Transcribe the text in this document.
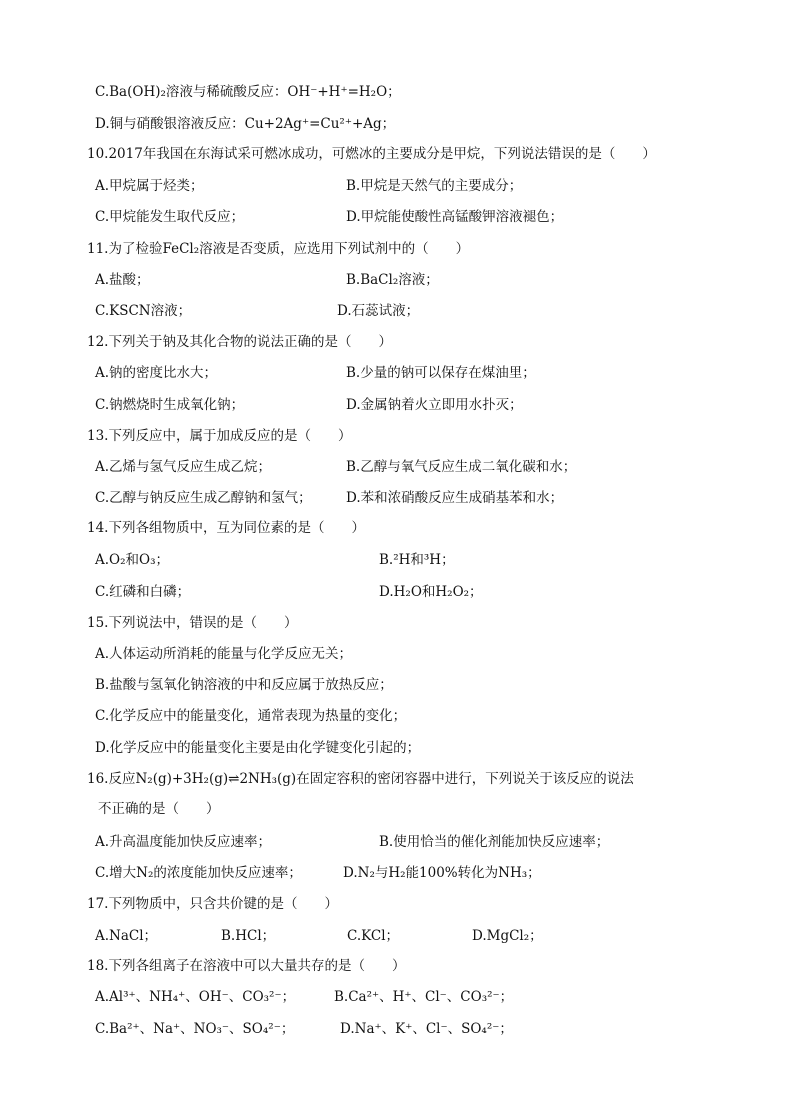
C.Ba(OH)₂溶液与稀硫酸反应：OH⁻+H⁺=H₂O；
D.铜与硝酸银溶液反应：Cu+2Ag⁺=Cu²⁺+Ag；
10.2017年我国在东海试采可燃冰成功，可燃冰的主要成分是甲烷，下列说法错误的是（　　）
A.甲烷属于烃类；	B.甲烷是天然气的主要成分；
C.甲烷能发生取代反应；	D.甲烷能使酸性高锰酸钾溶液褪色；
11.为了检验FeCl₂溶液是否变质，应选用下列试剂中的（　　）
A.盐酸；	B.BaCl₂溶液；
C.KSCN溶液；	D.石蕊试液；
12.下列关于钠及其化合物的说法正确的是（　　）
A.钠的密度比水大；	B.少量的钠可以保存在煤油里；
C.钠燃烧时生成氧化钠；	D.金属钠着火立即用水扑灭；
13.下列反应中，属于加成反应的是（　　）
A.乙烯与氢气反应生成乙烷；	B.乙醇与氧气反应生成二氧化碳和水；
C.乙醇与钠反应生成乙醇钠和氢气；	D.苯和浓硝酸反应生成硝基苯和水；
14.下列各组物质中，互为同位素的是（　　）
A.O₂和O₃；	B.²H和³H；
C.红磷和白磷；	D.H₂O和H₂O₂；
15.下列说法中，错误的是（　　）
A.人体运动所消耗的能量与化学反应无关；
B.盐酸与氢氧化钠溶液的中和反应属于放热反应；
C.化学反应中的能量变化，通常表现为热量的变化；
D.化学反应中的能量变化主要是由化学键变化引起的；
16.反应N₂(g)+3H₂(g)⇌2NH₃(g)在固定容积的密闭容器中进行，下列说关于该反应的说法
不正确的是（　　）
A.升高温度能加快反应速率；	B.使用恰当的催化剂能加快反应速率；
C.增大N₂的浓度能加快反应速率；	D.N₂与H₂能100%转化为NH₃；
17.下列物质中，只含共价键的是（　　）
A.NaCl；	B.HCl；	C.KCl；	D.MgCl₂；
18.下列各组离子在溶液中可以大量共存的是（　　）
A.Al³⁺、NH₄⁺、OH⁻、CO₃²⁻；	B.Ca²⁺、H⁺、Cl⁻、CO₃²⁻；
C.Ba²⁺、Na⁺、NO₃⁻、SO₄²⁻；	D.Na⁺、K⁺、Cl⁻、SO₄²⁻；
